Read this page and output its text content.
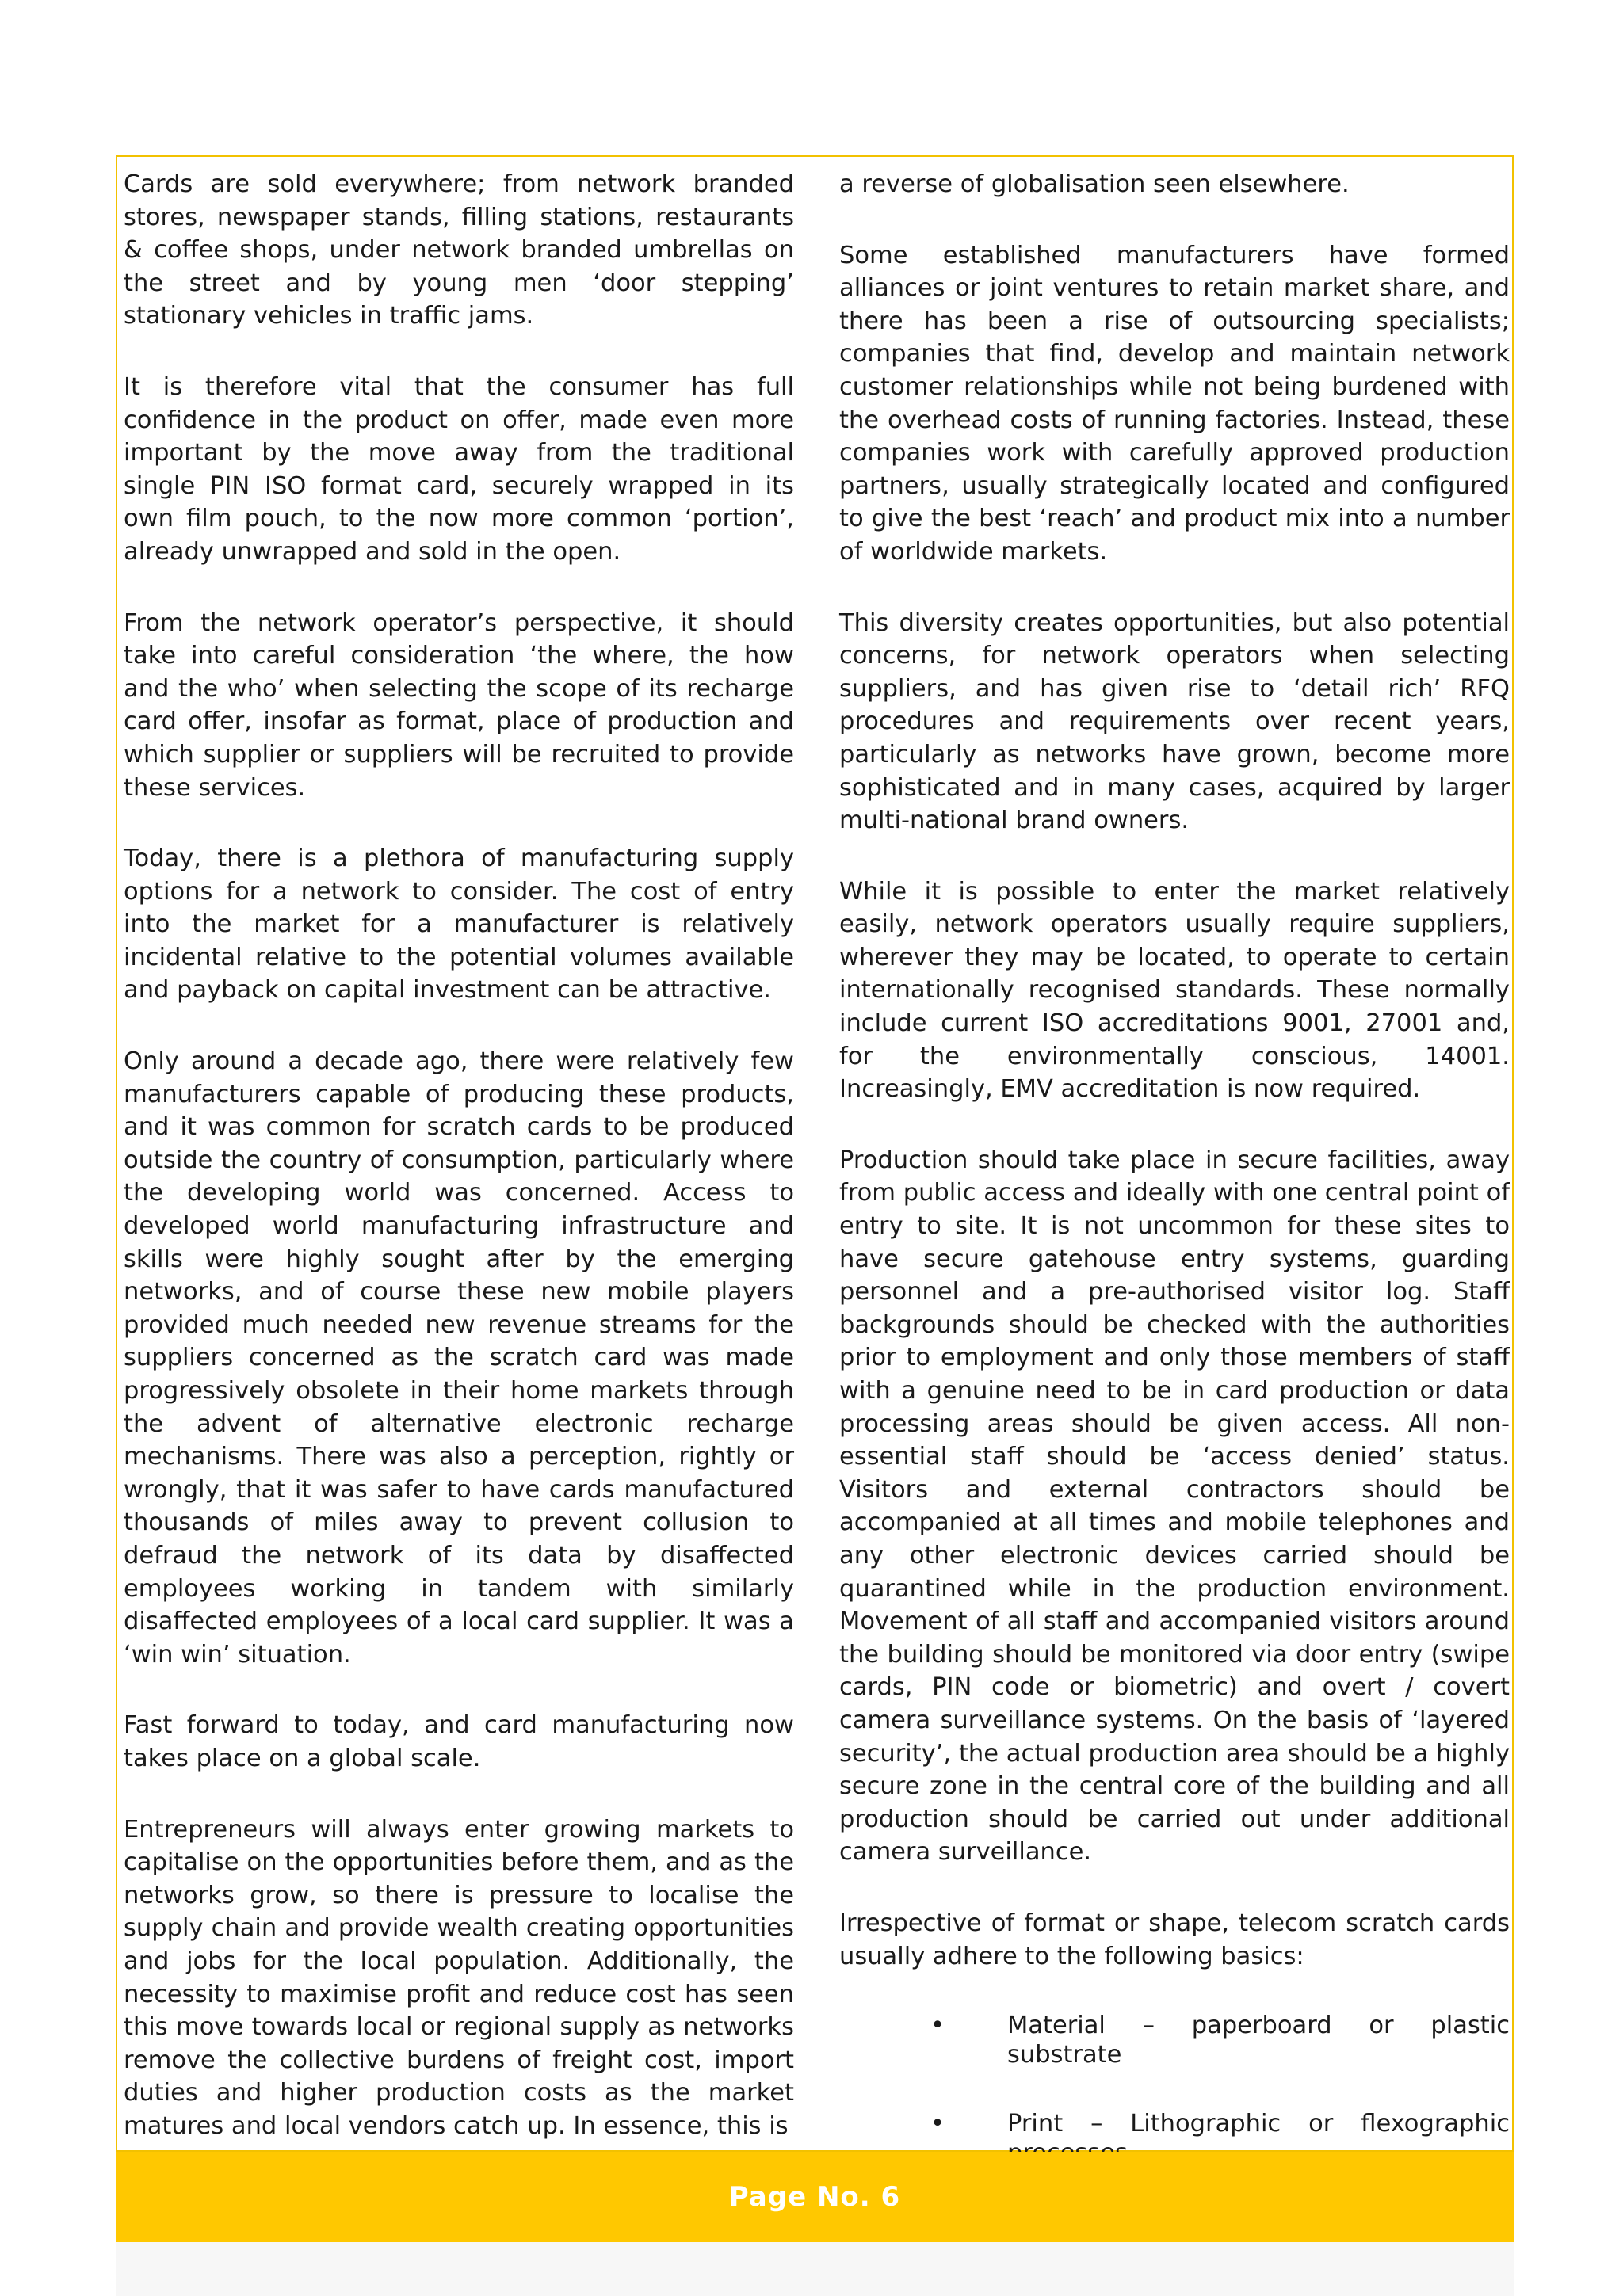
Cards are sold everywhere; from network branded stores, newspaper stands, filling stations, restaurants & coffee shops, under network branded umbrellas on the street and by young men ‘door stepping’ stationary vehicles in traffic jams.

It is therefore vital that the consumer has full confidence in the product on offer, made even more important by the move away from the traditional single PIN ISO format card, securely wrapped in its own film pouch, to the now more common ‘portion’, already unwrapped and sold in the open.

From the network operator’s perspective, it should take into careful consideration ‘the where, the how and the who’ when selecting the scope of its recharge card offer, insofar as format, place of production and which supplier or suppliers will be recruited to provide these services.

Today, there is a plethora of manufacturing supply options for a network to consider. The cost of entry into the market for a manufacturer is relatively incidental relative to the potential volumes available and payback on capital investment can be attractive.

Only around a decade ago, there were relatively few manufacturers capable of producing these products, and it was common for scratch cards to be produced outside the country of consumption, particularly where the developing world was concerned. Access to developed world manufacturing infrastructure and skills were highly sought after by the emerging networks, and of course these new mobile players provided much needed new revenue streams for the suppliers concerned as the scratch card was made progressively obsolete in their home markets through the advent of alternative electronic recharge mechanisms. There was also a perception, rightly or wrongly, that it was safer to have cards manufactured thousands of miles away to prevent collusion to defraud the network of its data by disaffected employees working in tandem with similarly disaffected employees of a local card supplier. It was a ‘win win’ situation.

Fast forward to today, and card manufacturing now takes place on a global scale.

Entrepreneurs will always enter growing markets to capitalise on the opportunities before them, and as the networks grow, so there is pressure to localise the supply chain and provide wealth creating opportunities and jobs for the local population. Additionally, the necessity to maximise profit and reduce cost has seen this move towards local or regional supply as networks remove the collective burdens of freight cost, import duties and higher production costs as the market matures and local vendors catch up. In essence, this is

a reverse of globalisation seen elsewhere.

Some established manufacturers have formed alliances or joint ventures to retain market share, and there has been a rise of outsourcing specialists; companies that find, develop and maintain network customer relationships while not being burdened with the overhead costs of running factories. Instead, these companies work with carefully approved production partners, usually strategically located and configured to give the best ‘reach’ and product mix into a number of worldwide markets.

This diversity creates opportunities, but also potential concerns, for network operators when selecting suppliers, and has given rise to ‘detail rich’ RFQ procedures and requirements over recent years, particularly as networks have grown, become more sophisticated and in many cases, acquired by larger multi-national brand owners.

While it is possible to enter the market relatively easily, network operators usually require suppliers, wherever they may be located, to operate to certain internationally recognised standards. These normally include current ISO accreditations 9001, 27001 and, for the environmentally conscious, 14001. Increasingly, EMV accreditation is now required.

Production should take place in secure facilities, away from public access and ideally with one central point of entry to site. It is not uncommon for these sites to have secure gatehouse entry systems, guarding personnel and a pre-authorised visitor log. Staff backgrounds should be checked with the authorities prior to employment and only those members of staff with a genuine need to be in card production or data processing areas should be given access. All non-essential staff should be ‘access denied’ status. Visitors and external contractors should be accompanied at all times and mobile telephones and any other electronic devices carried should be quarantined while in the production environment. Movement of all staff and accompanied visitors around the building should be monitored via door entry (swipe cards, PIN code or biometric) and overt / covert camera surveillance systems. On the basis of ‘layered security’, the actual production area should be a highly secure zone in the central core of the building and all production should be carried out under additional camera surveillance.

Irrespective of format or shape, telecom scratch cards usually adhere to the following basics:

•	Material – paperboard or plastic substrate
•	Print – Lithographic or flexographic
Page No. 6
